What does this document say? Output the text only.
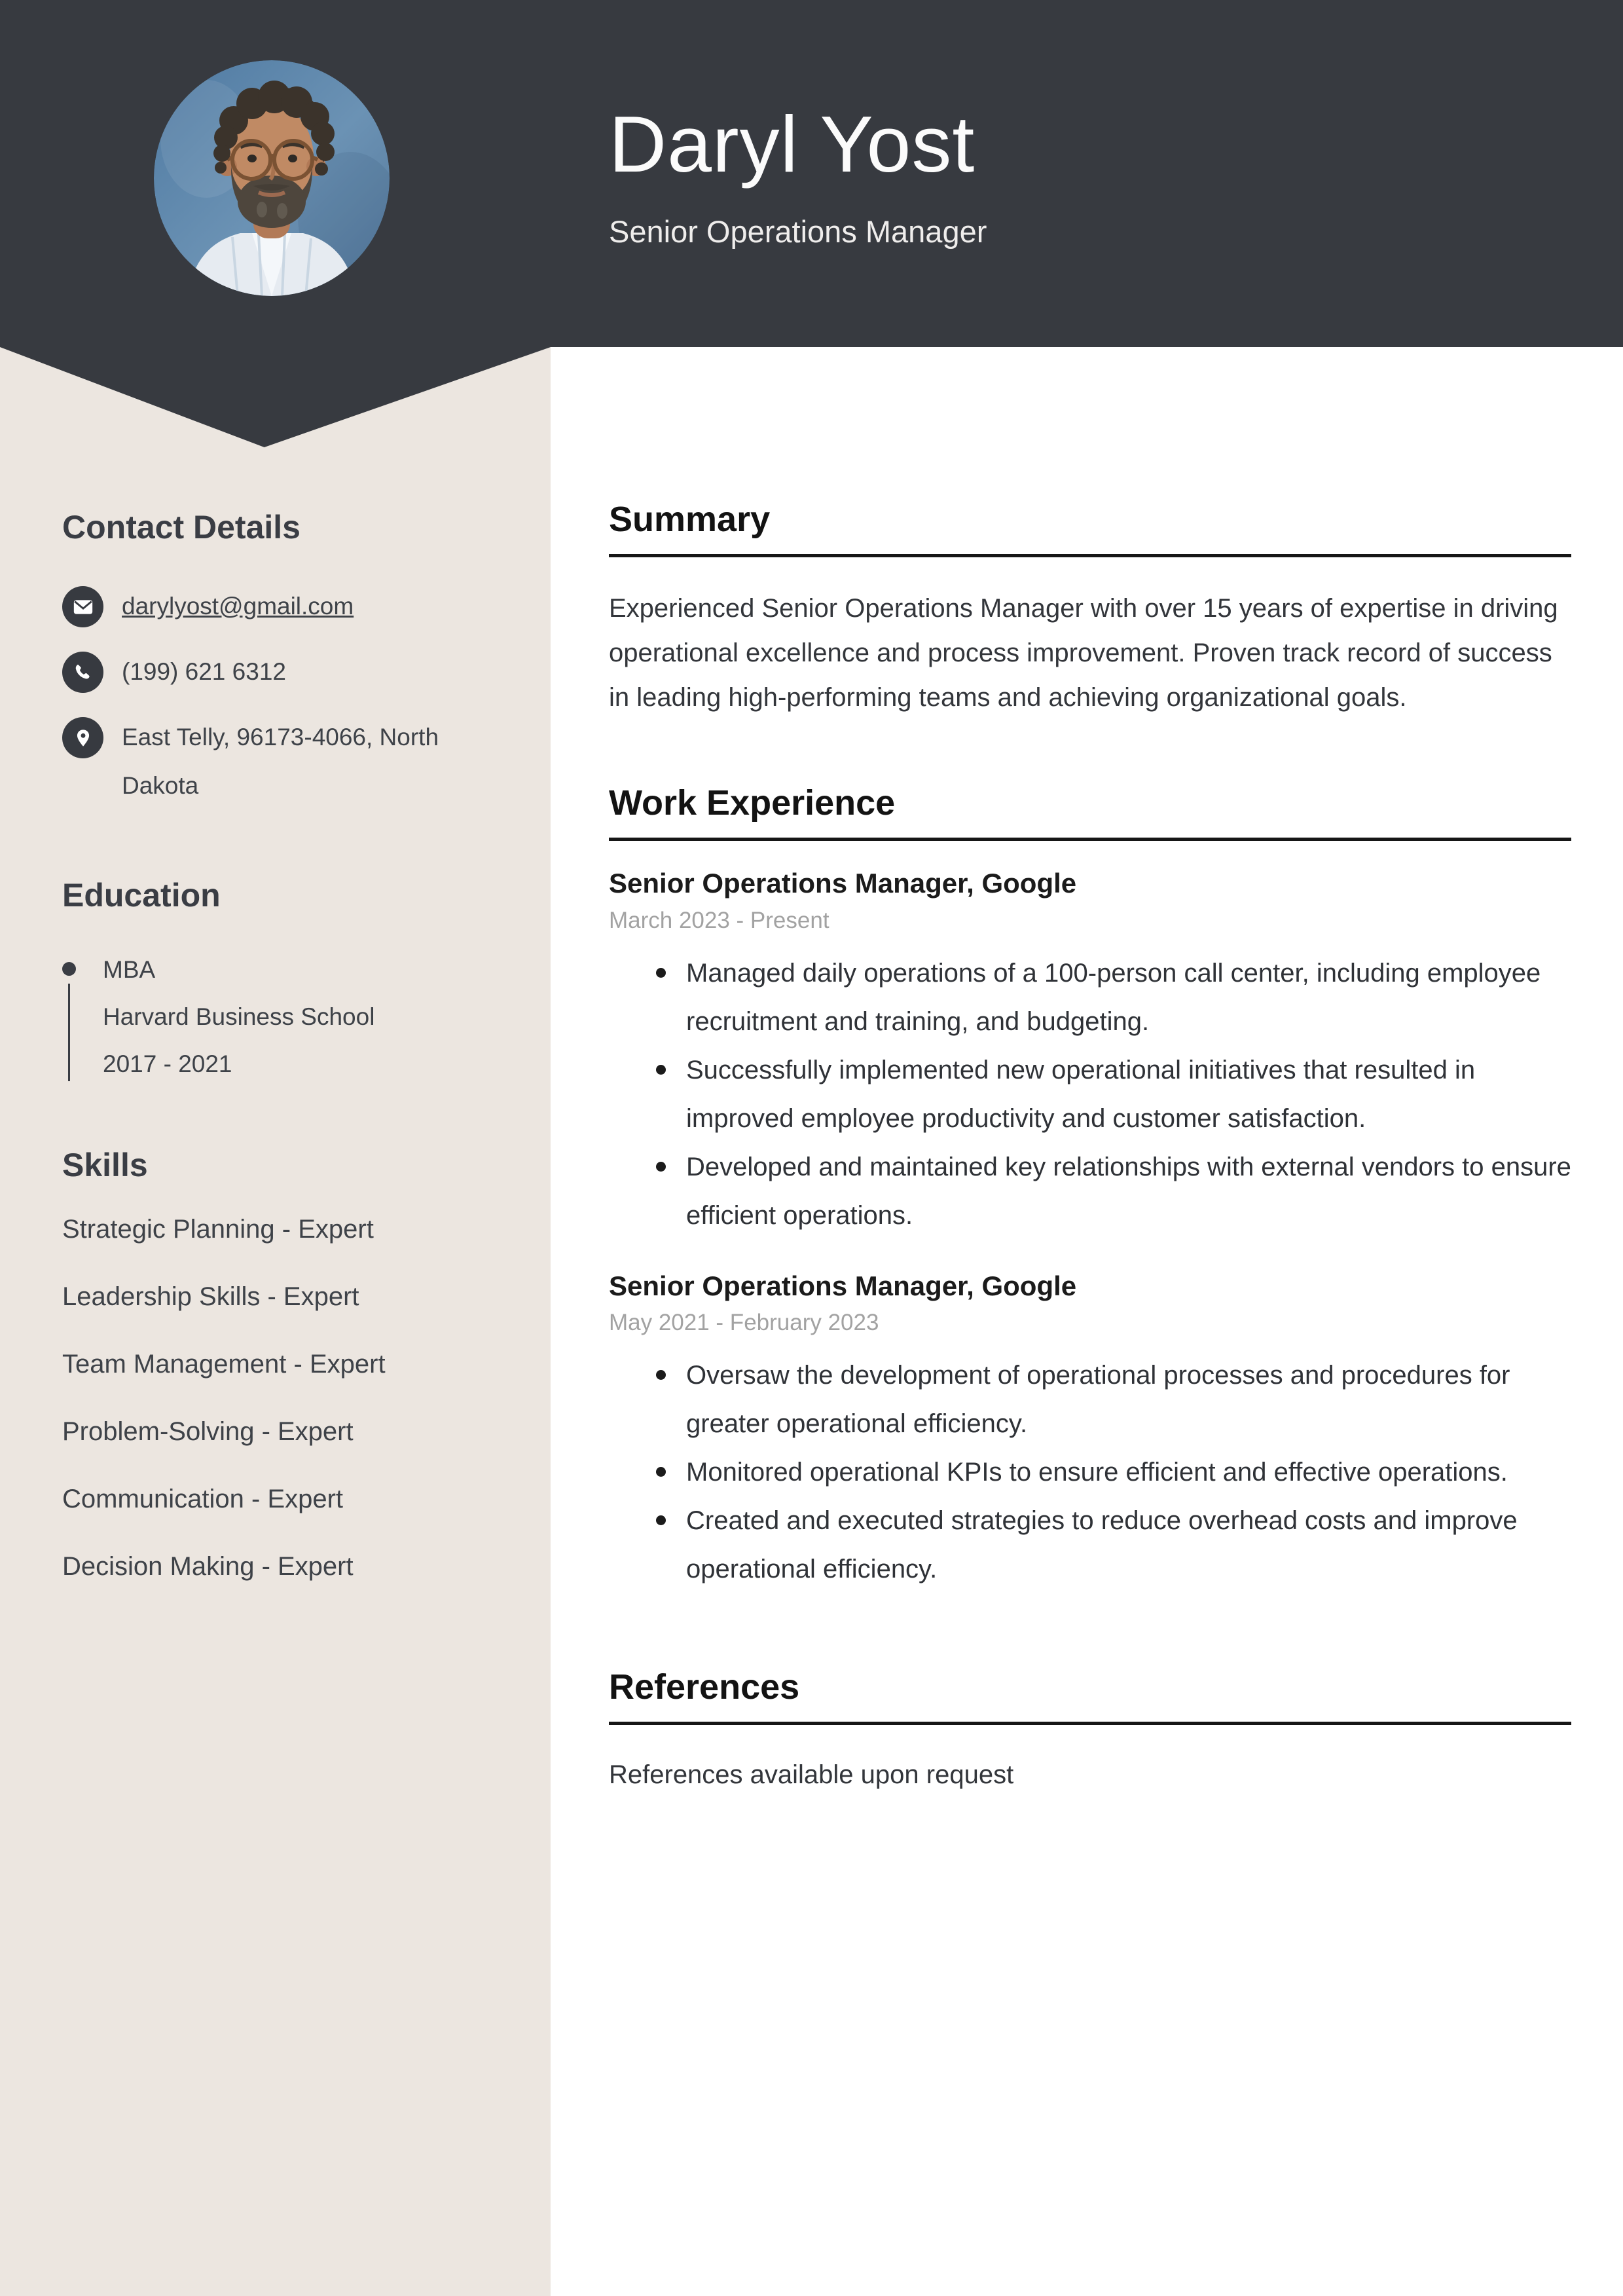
Daryl Yost
Senior Operations Manager
Contact Details
darylyost@gmail.com
(199) 621 6312
East Telly, 96173-4066, North Dakota
Education
MBA
Harvard Business School
2017 - 2021
Skills
Strategic Planning - Expert
Leadership Skills - Expert
Team Management - Expert
Problem-Solving - Expert
Communication - Expert
Decision Making - Expert
Summary

Experienced Senior Operations Manager with over 15 years of expertise in driving operational excellence and process improvement. Proven track record of success in leading high-performing teams and achieving organizational goals.

Work Experience
Senior Operations Manager, Google
March 2023 - Present
Managed daily operations of a 100-person call center, including employee recruitment and training, and budgeting.
Successfully implemented new operational initiatives that resulted in improved employee productivity and customer satisfaction.
Developed and maintained key relationships with external vendors to ensure efficient operations.
Senior Operations Manager, Google
May 2021 - February 2023
Oversaw the development of operational processes and procedures for greater operational efficiency.
Monitored operational KPIs to ensure efficient and effective operations.
Created and executed strategies to reduce overhead costs and improve operational efficiency.
References

References available upon request
